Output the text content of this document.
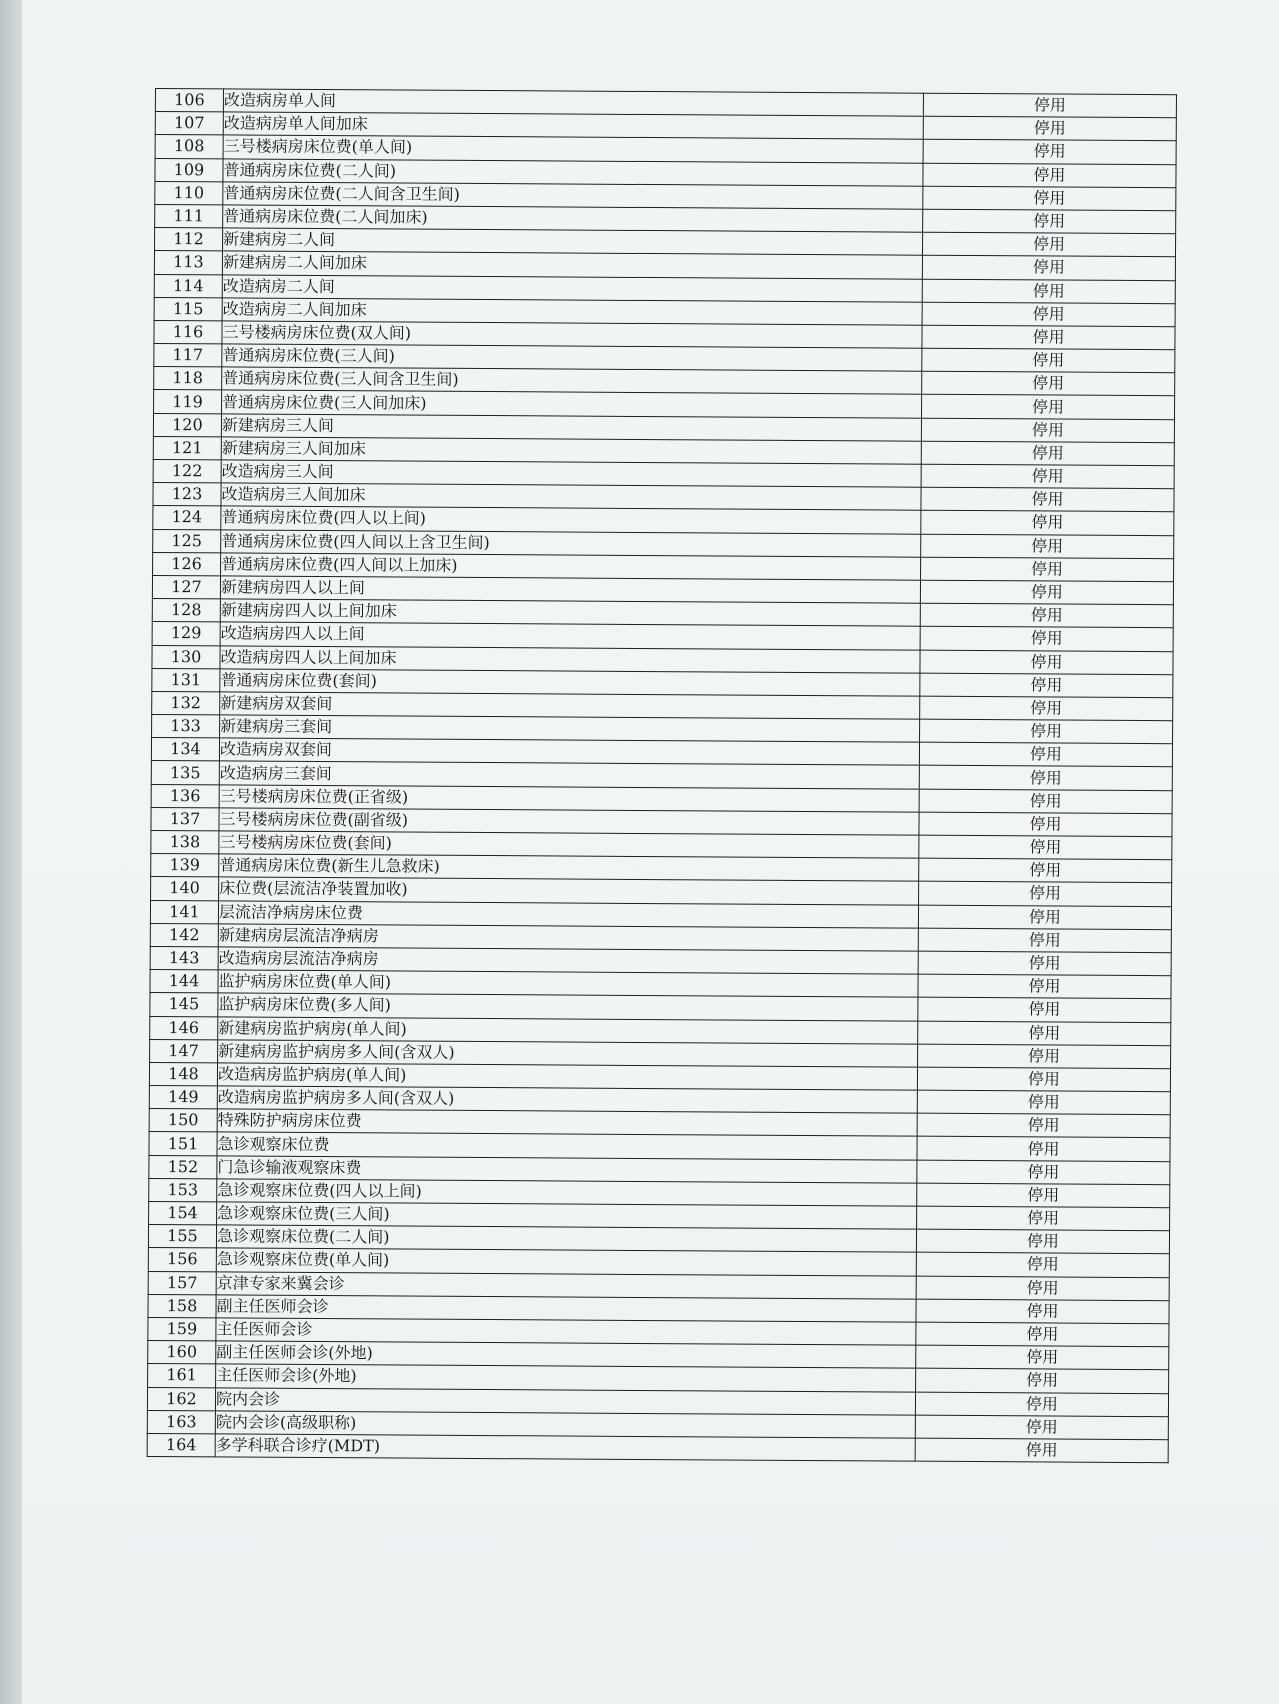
106	改造病房单人间	停用
107	改造病房单人间加床	停用
108	三号楼病房床位费(单人间)	停用
109	普通病房床位费(二人间)	停用
110	普通病房床位费(二人间含卫生间)	停用
111	普通病房床位费(二人间加床)	停用
112	新建病房二人间	停用
113	新建病房二人间加床	停用
114	改造病房二人间	停用
115	改造病房二人间加床	停用
116	三号楼病房床位费(双人间)	停用
117	普通病房床位费(三人间)	停用
118	普通病房床位费(三人间含卫生间)	停用
119	普通病房床位费(三人间加床)	停用
120	新建病房三人间	停用
121	新建病房三人间加床	停用
122	改造病房三人间	停用
123	改造病房三人间加床	停用
124	普通病房床位费(四人以上间)	停用
125	普通病房床位费(四人间以上含卫生间)	停用
126	普通病房床位费(四人间以上加床)	停用
127	新建病房四人以上间	停用
128	新建病房四人以上间加床	停用
129	改造病房四人以上间	停用
130	改造病房四人以上间加床	停用
131	普通病房床位费(套间)	停用
132	新建病房双套间	停用
133	新建病房三套间	停用
134	改造病房双套间	停用
135	改造病房三套间	停用
136	三号楼病房床位费(正省级)	停用
137	三号楼病房床位费(副省级)	停用
138	三号楼病房床位费(套间)	停用
139	普通病房床位费(新生儿急救床)	停用
140	床位费(层流洁净装置加收)	停用
141	层流洁净病房床位费	停用
142	新建病房层流洁净病房	停用
143	改造病房层流洁净病房	停用
144	监护病房床位费(单人间)	停用
145	监护病房床位费(多人间)	停用
146	新建病房监护病房(单人间)	停用
147	新建病房监护病房多人间(含双人)	停用
148	改造病房监护病房(单人间)	停用
149	改造病房监护病房多人间(含双人)	停用
150	特殊防护病房床位费	停用
151	急诊观察床位费	停用
152	门急诊输液观察床费	停用
153	急诊观察床位费(四人以上间)	停用
154	急诊观察床位费(三人间)	停用
155	急诊观察床位费(二人间)	停用
156	急诊观察床位费(单人间)	停用
157	京津专家来冀会诊	停用
158	副主任医师会诊	停用
159	主任医师会诊	停用
160	副主任医师会诊(外地)	停用
161	主任医师会诊(外地)	停用
162	院内会诊	停用
163	院内会诊(高级职称)	停用
164	多学科联合诊疗(MDT)	停用
